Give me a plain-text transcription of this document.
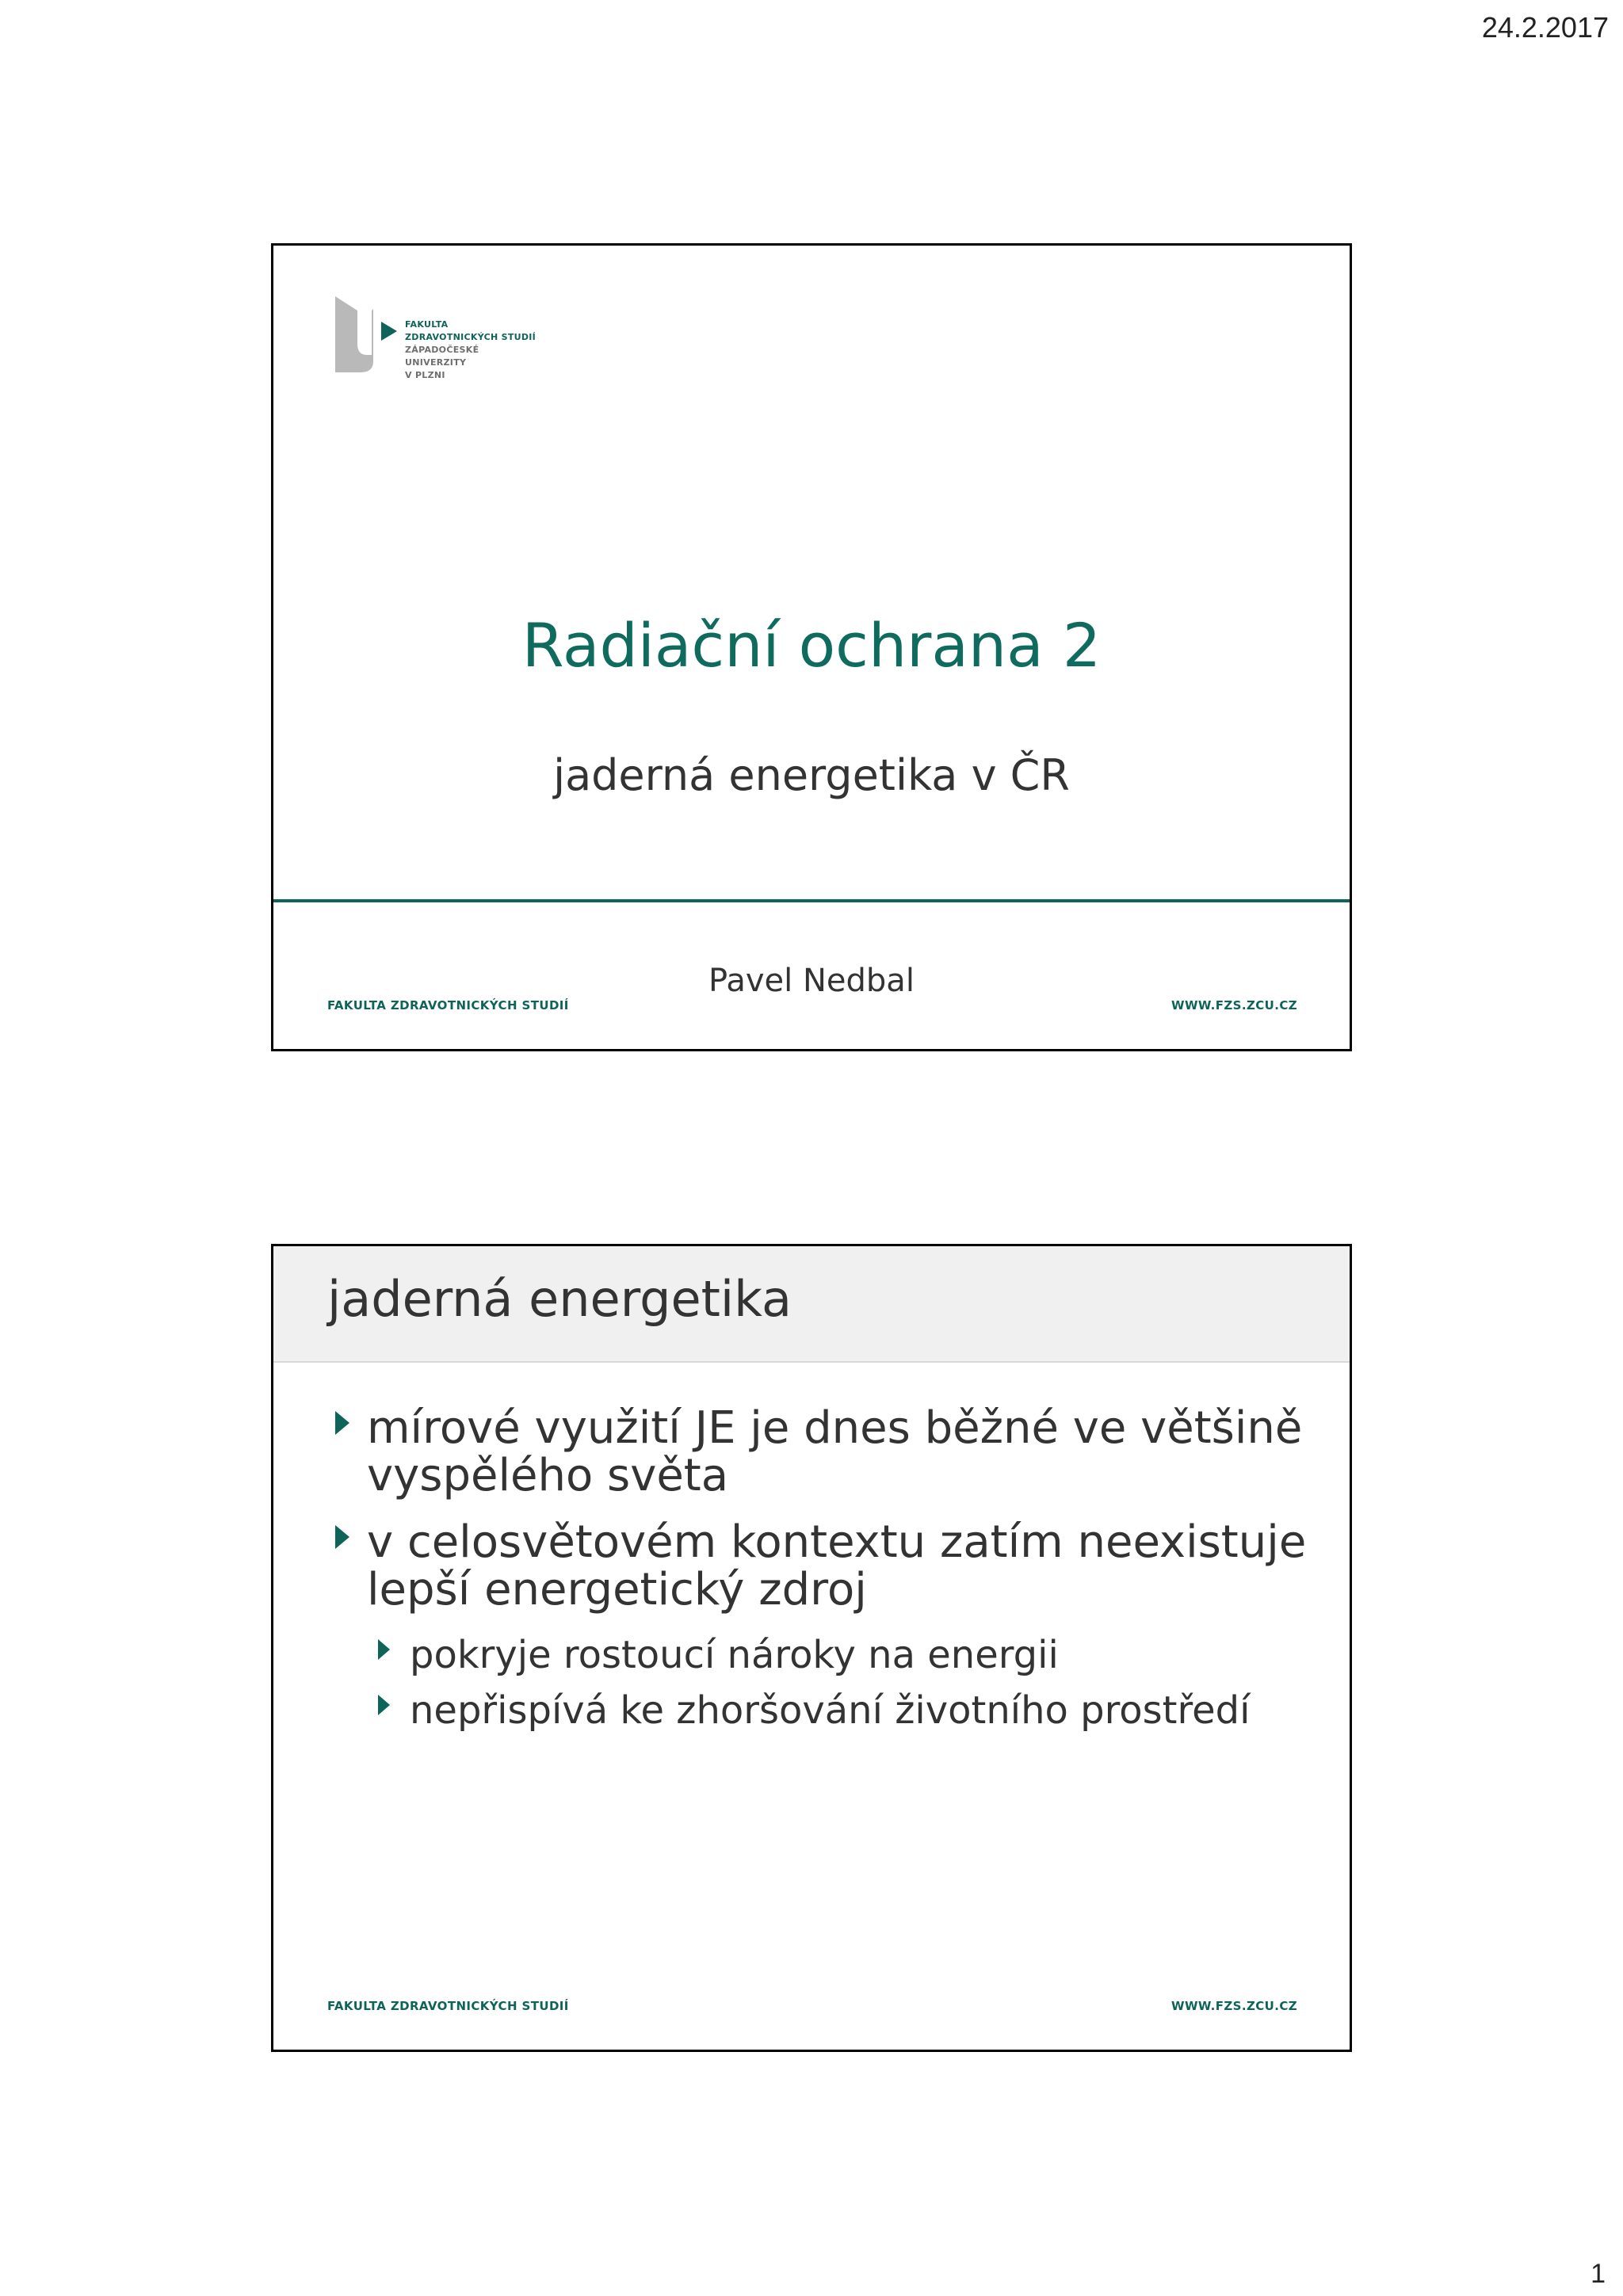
24.2.2017
FAKULTA
ZDRAVOTNICKÝCH STUDIÍ
ZÁPADOČESKÉ
UNIVERZITY
V PLZNI
Radiační ochrana 2
jaderná energetika v ČR
Pavel Nedbal
FAKULTA ZDRAVOTNICKÝCH STUDIÍ	WWW.FZS.ZCU.CZ
jaderná energetika
mírové využití JE je dnes běžné ve většině vyspělého světa
v celosvětovém kontextu zatím neexistuje lepší energetický zdroj
pokryje rostoucí nároky na energii
nepřispívá ke zhoršování životního prostředí
FAKULTA ZDRAVOTNICKÝCH STUDIÍ	WWW.FZS.ZCU.CZ
1
